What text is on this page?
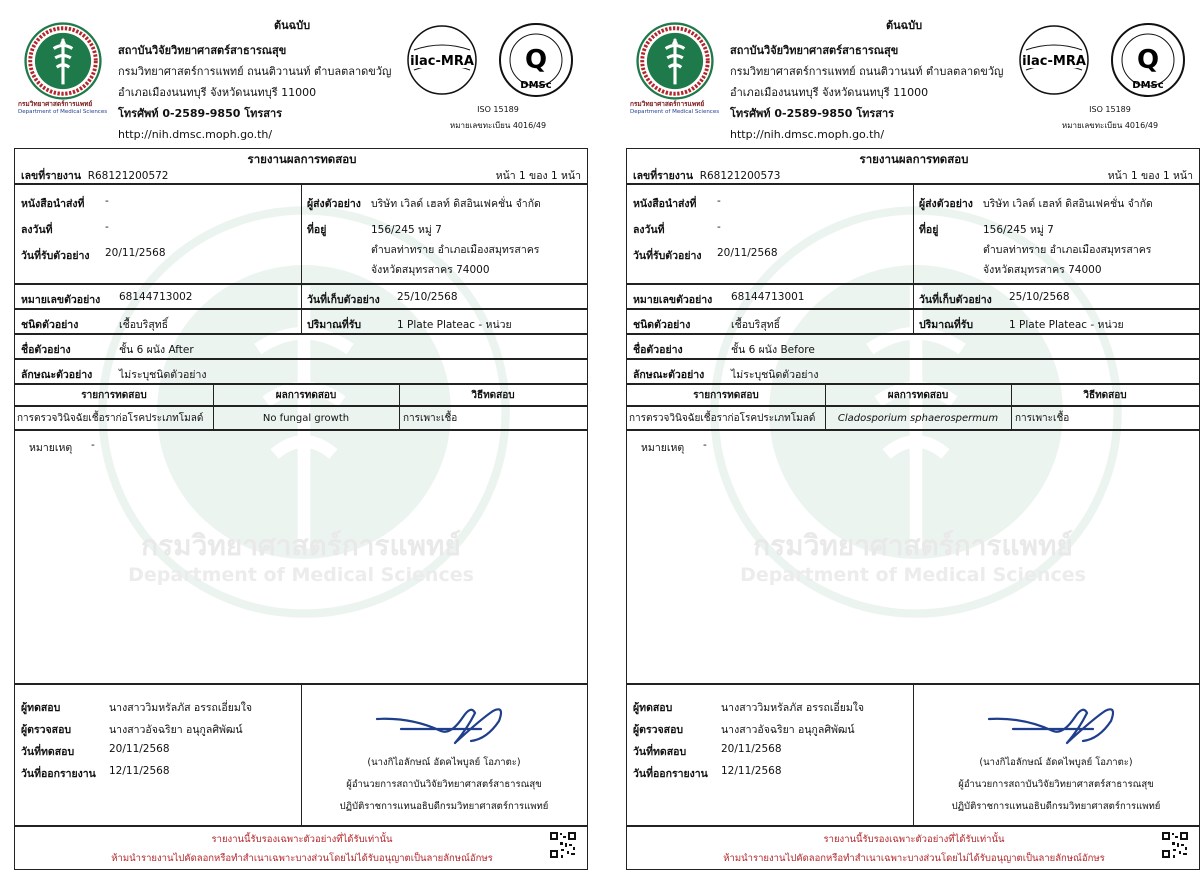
กรมวิทยาศาสตร์การแพทย์
Department of Medical Sciences
ต้นฉบับ
กรมวิทยาศาสตร์การแพทย์
Department of Medical Sciences
สถาบันวิจัยวิทยาศาสตร์สาธารณสุข
กรมวิทยาศาสตร์การแพทย์ ถนนติวานนท์ ตำบลตลาดขวัญ
อำเภอเมืองนนทบุรี จังหวัดนนทบุรี 11000
โทรศัพท์ 0-2589-9850 โทรสาร
http://nih.dmsc.moph.go.th/
ilac-MRA Q
DMSc
ISO 15189
หมายเลขทะเบียน 4016/49
รายงานผลการทดสอบ
เลขที่รายงาน R68121200572	หน้า 1 ของ 1 หน้า
หนังสือนำส่งที่ -
ลงวันที่	-
วันที่รับตัวอย่าง 20/11/2568
ผู้ส่งตัวอย่าง บริษัท เวิลด์ เฮลท์ ดิสอินเฟคชั่น จำกัด
ที่อยู่	156/245 หมู่ 7
ตำบลท่าทราย อำเภอเมืองสมุทรสาคร
จังหวัดสมุทรสาคร 74000
หมายเลขตัวอย่าง 68144713002	วันที่เก็บตัวอย่าง 25/10/2568
ชนิดตัวอย่าง	เชื้อบริสุทธิ์	ปริมาณที่รับ	1 Plate Plateac - หน่วย
ชื่อตัวอย่าง	ชั้น 6 ผนัง After
ลักษณะตัวอย่าง	ไม่ระบุชนิดตัวอย่าง
รายการทดสอบ	ผลการทดสอบ	วิธีทดสอบ
การตรวจวินิจฉัยเชื้อราก่อโรคประเภทโมลด์	No fungal growth	การเพาะเชื้อ
หมายเหตุ -
ผู้ทดสอบ	นางสาววิมหรัลภัส อรรถเอี่ยมใจ
ผู้ตรวจสอบ	นางสาวอัจฉริยา อนุกูลศิพัฒน์
วันที่ทดสอบ	20/11/2568
วันที่ออกรายงาน 12/11/2568
(นางกิไอลักษณ์ อัดคไพบูลย์ โอภาตะ)
ผู้อำนวยการสถาบันวิจัยวิทยาศาสตร์สาธารณสุข
ปฏิบัติราชการแทนอธิบดีกรมวิทยาศาสตร์การแพทย์
รายงานนี้รับรองเฉพาะตัวอย่างที่ได้รับเท่านั้น
ห้ามนำรายงานไปคัดลอกหรือทำสำเนาเฉพาะบางส่วนโดยไม่ได้รับอนุญาตเป็นลายลักษณ์อักษร
กรมวิทยาศาสตร์การแพทย์
Department of Medical Sciences
ต้นฉบับ
กรมวิทยาศาสตร์การแพทย์
Department of Medical Sciences
สถาบันวิจัยวิทยาศาสตร์สาธารณสุข
กรมวิทยาศาสตร์การแพทย์ ถนนติวานนท์ ตำบลตลาดขวัญ
อำเภอเมืองนนทบุรี จังหวัดนนทบุรี 11000
โทรศัพท์ 0-2589-9850 โทรสาร
http://nih.dmsc.moph.go.th/
ilac-MRA Q
DMSc
ISO 15189
หมายเลขทะเบียน 4016/49
รายงานผลการทดสอบ
เลขที่รายงาน R68121200573	หน้า 1 ของ 1 หน้า
หนังสือนำส่งที่ -
ลงวันที่	-
วันที่รับตัวอย่าง 20/11/2568
ผู้ส่งตัวอย่าง บริษัท เวิลด์ เฮลท์ ดิสอินเฟคชั่น จำกัด
ที่อยู่	156/245 หมู่ 7
ตำบลท่าทราย อำเภอเมืองสมุทรสาคร
จังหวัดสมุทรสาคร 74000
หมายเลขตัวอย่าง 68144713001	วันที่เก็บตัวอย่าง 25/10/2568
ชนิดตัวอย่าง	เชื้อบริสุทธิ์	ปริมาณที่รับ	1 Plate Plateac - หน่วย
ชื่อตัวอย่าง	ชั้น 6 ผนัง Before
ลักษณะตัวอย่าง	ไม่ระบุชนิดตัวอย่าง
รายการทดสอบ	ผลการทดสอบ	วิธีทดสอบ
การตรวจวินิจฉัยเชื้อราก่อโรคประเภทโมลด์	Cladosporium sphaerospermum	การเพาะเชื้อ
หมายเหตุ -
ผู้ทดสอบ	นางสาววิมหรัลภัส อรรถเอี่ยมใจ
ผู้ตรวจสอบ	นางสาวอัจฉริยา อนุกูลศิพัฒน์
วันที่ทดสอบ	20/11/2568
วันที่ออกรายงาน 12/11/2568
(นางกิไอลักษณ์ อัดคไพบูลย์ โอภาตะ)
ผู้อำนวยการสถาบันวิจัยวิทยาศาสตร์สาธารณสุข
ปฏิบัติราชการแทนอธิบดีกรมวิทยาศาสตร์การแพทย์
รายงานนี้รับรองเฉพาะตัวอย่างที่ได้รับเท่านั้น
ห้ามนำรายงานไปคัดลอกหรือทำสำเนาเฉพาะบางส่วนโดยไม่ได้รับอนุญาตเป็นลายลักษณ์อักษร
